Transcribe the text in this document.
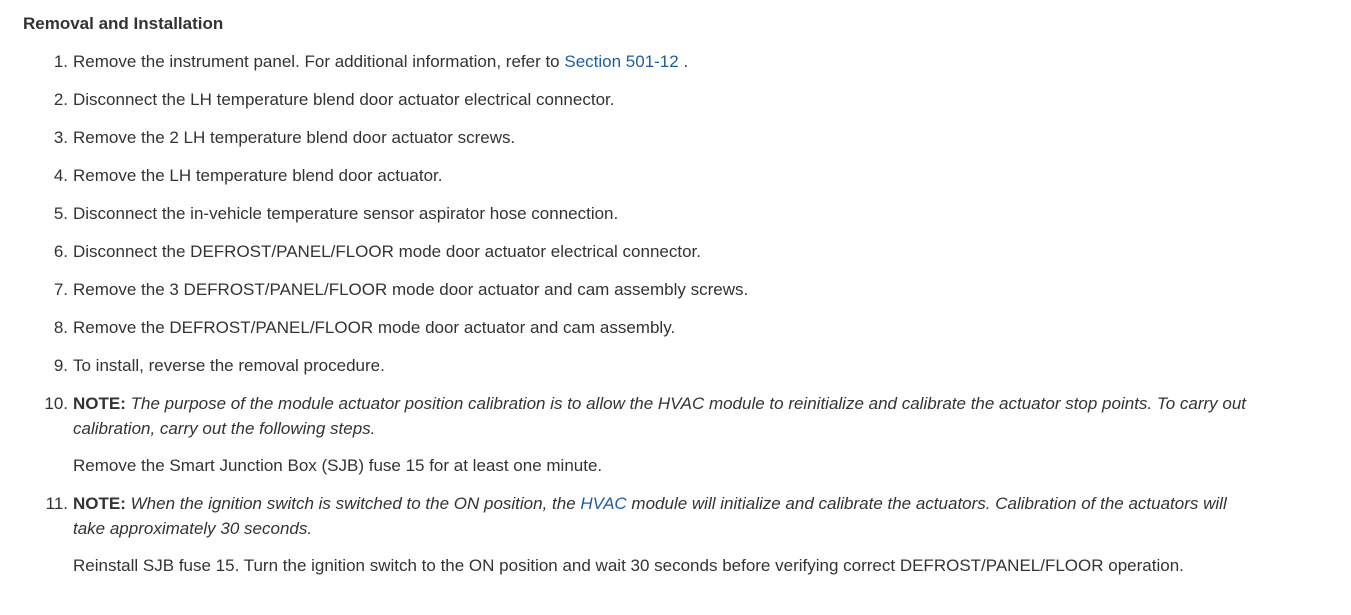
Removal and Installation
1. Remove the instrument panel. For additional information, refer to Section 501-12 .
2. Disconnect the LH temperature blend door actuator electrical connector.
3. Remove the 2 LH temperature blend door actuator screws.
4. Remove the LH temperature blend door actuator.
5. Disconnect the in-vehicle temperature sensor aspirator hose connection.
6. Disconnect the DEFROST/PANEL/FLOOR mode door actuator electrical connector.
7. Remove the 3 DEFROST/PANEL/FLOOR mode door actuator and cam assembly screws.
8. Remove the DEFROST/PANEL/FLOOR mode door actuator and cam assembly.
9. To install, reverse the removal procedure.
10. NOTE: The purpose of the module actuator position calibration is to allow the HVAC module to reinitialize and calibrate the actuator stop points. To carry out calibration, carry out the following steps.
Remove the Smart Junction Box (SJB) fuse 15 for at least one minute.
11. NOTE: When the ignition switch is switched to the ON position, the HVAC module will initialize and calibrate the actuators. Calibration of the actuators will take approximately 30 seconds.
Reinstall SJB fuse 15. Turn the ignition switch to the ON position and wait 30 seconds before verifying correct DEFROST/PANEL/FLOOR operation.
